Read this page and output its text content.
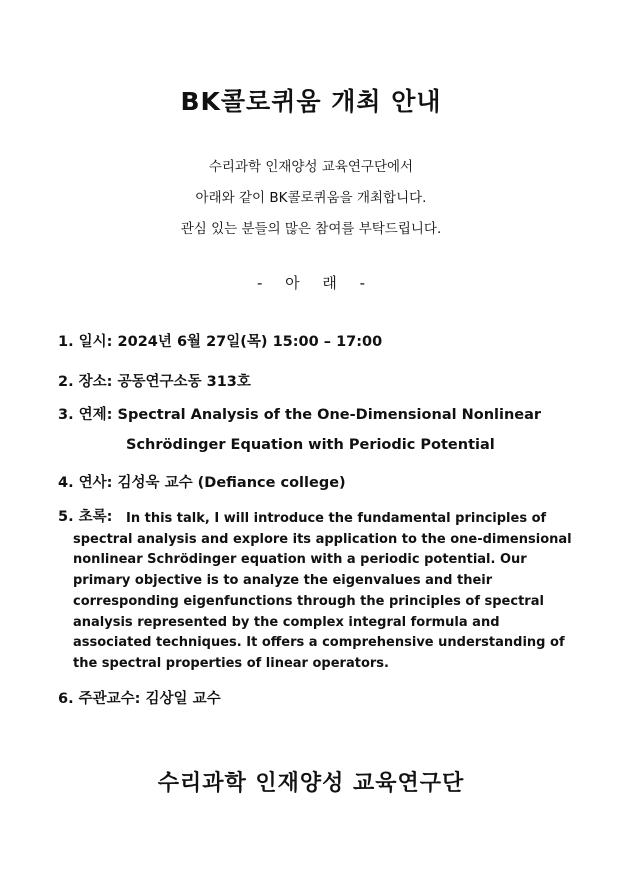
BK콜로퀴움 개최 안내
수리과학 인재양성 교육연구단에서
아래와 같이 BK콜로퀴움을 개최합니다.
관심 있는 분들의 많은 참여를 부탁드립니다.
- 아 래 -
1. 일시: 2024년 6월 27일(목) 15:00 – 17:00
2. 장소: 공동연구소동 313호
3. 연제: Spectral Analysis of the One-Dimensional Nonlinear
Schrödinger Equation with Periodic Potential
4. 연사: 김성욱 교수 (Defiance college)
5. 초록:	In this talk, I will introduce the fundamental principles of spectral analysis and explore its application to the one-dimensional nonlinear Schrödinger equation with a periodic potential. Our primary objective is to analyze the eigenvalues and their corresponding eigenfunctions through the principles of spectral analysis represented by the complex integral formula and associated techniques. It offers a comprehensive understanding of the spectral properties of linear operators.
6. 주관교수: 김상일 교수
수리과학 인재양성 교육연구단
